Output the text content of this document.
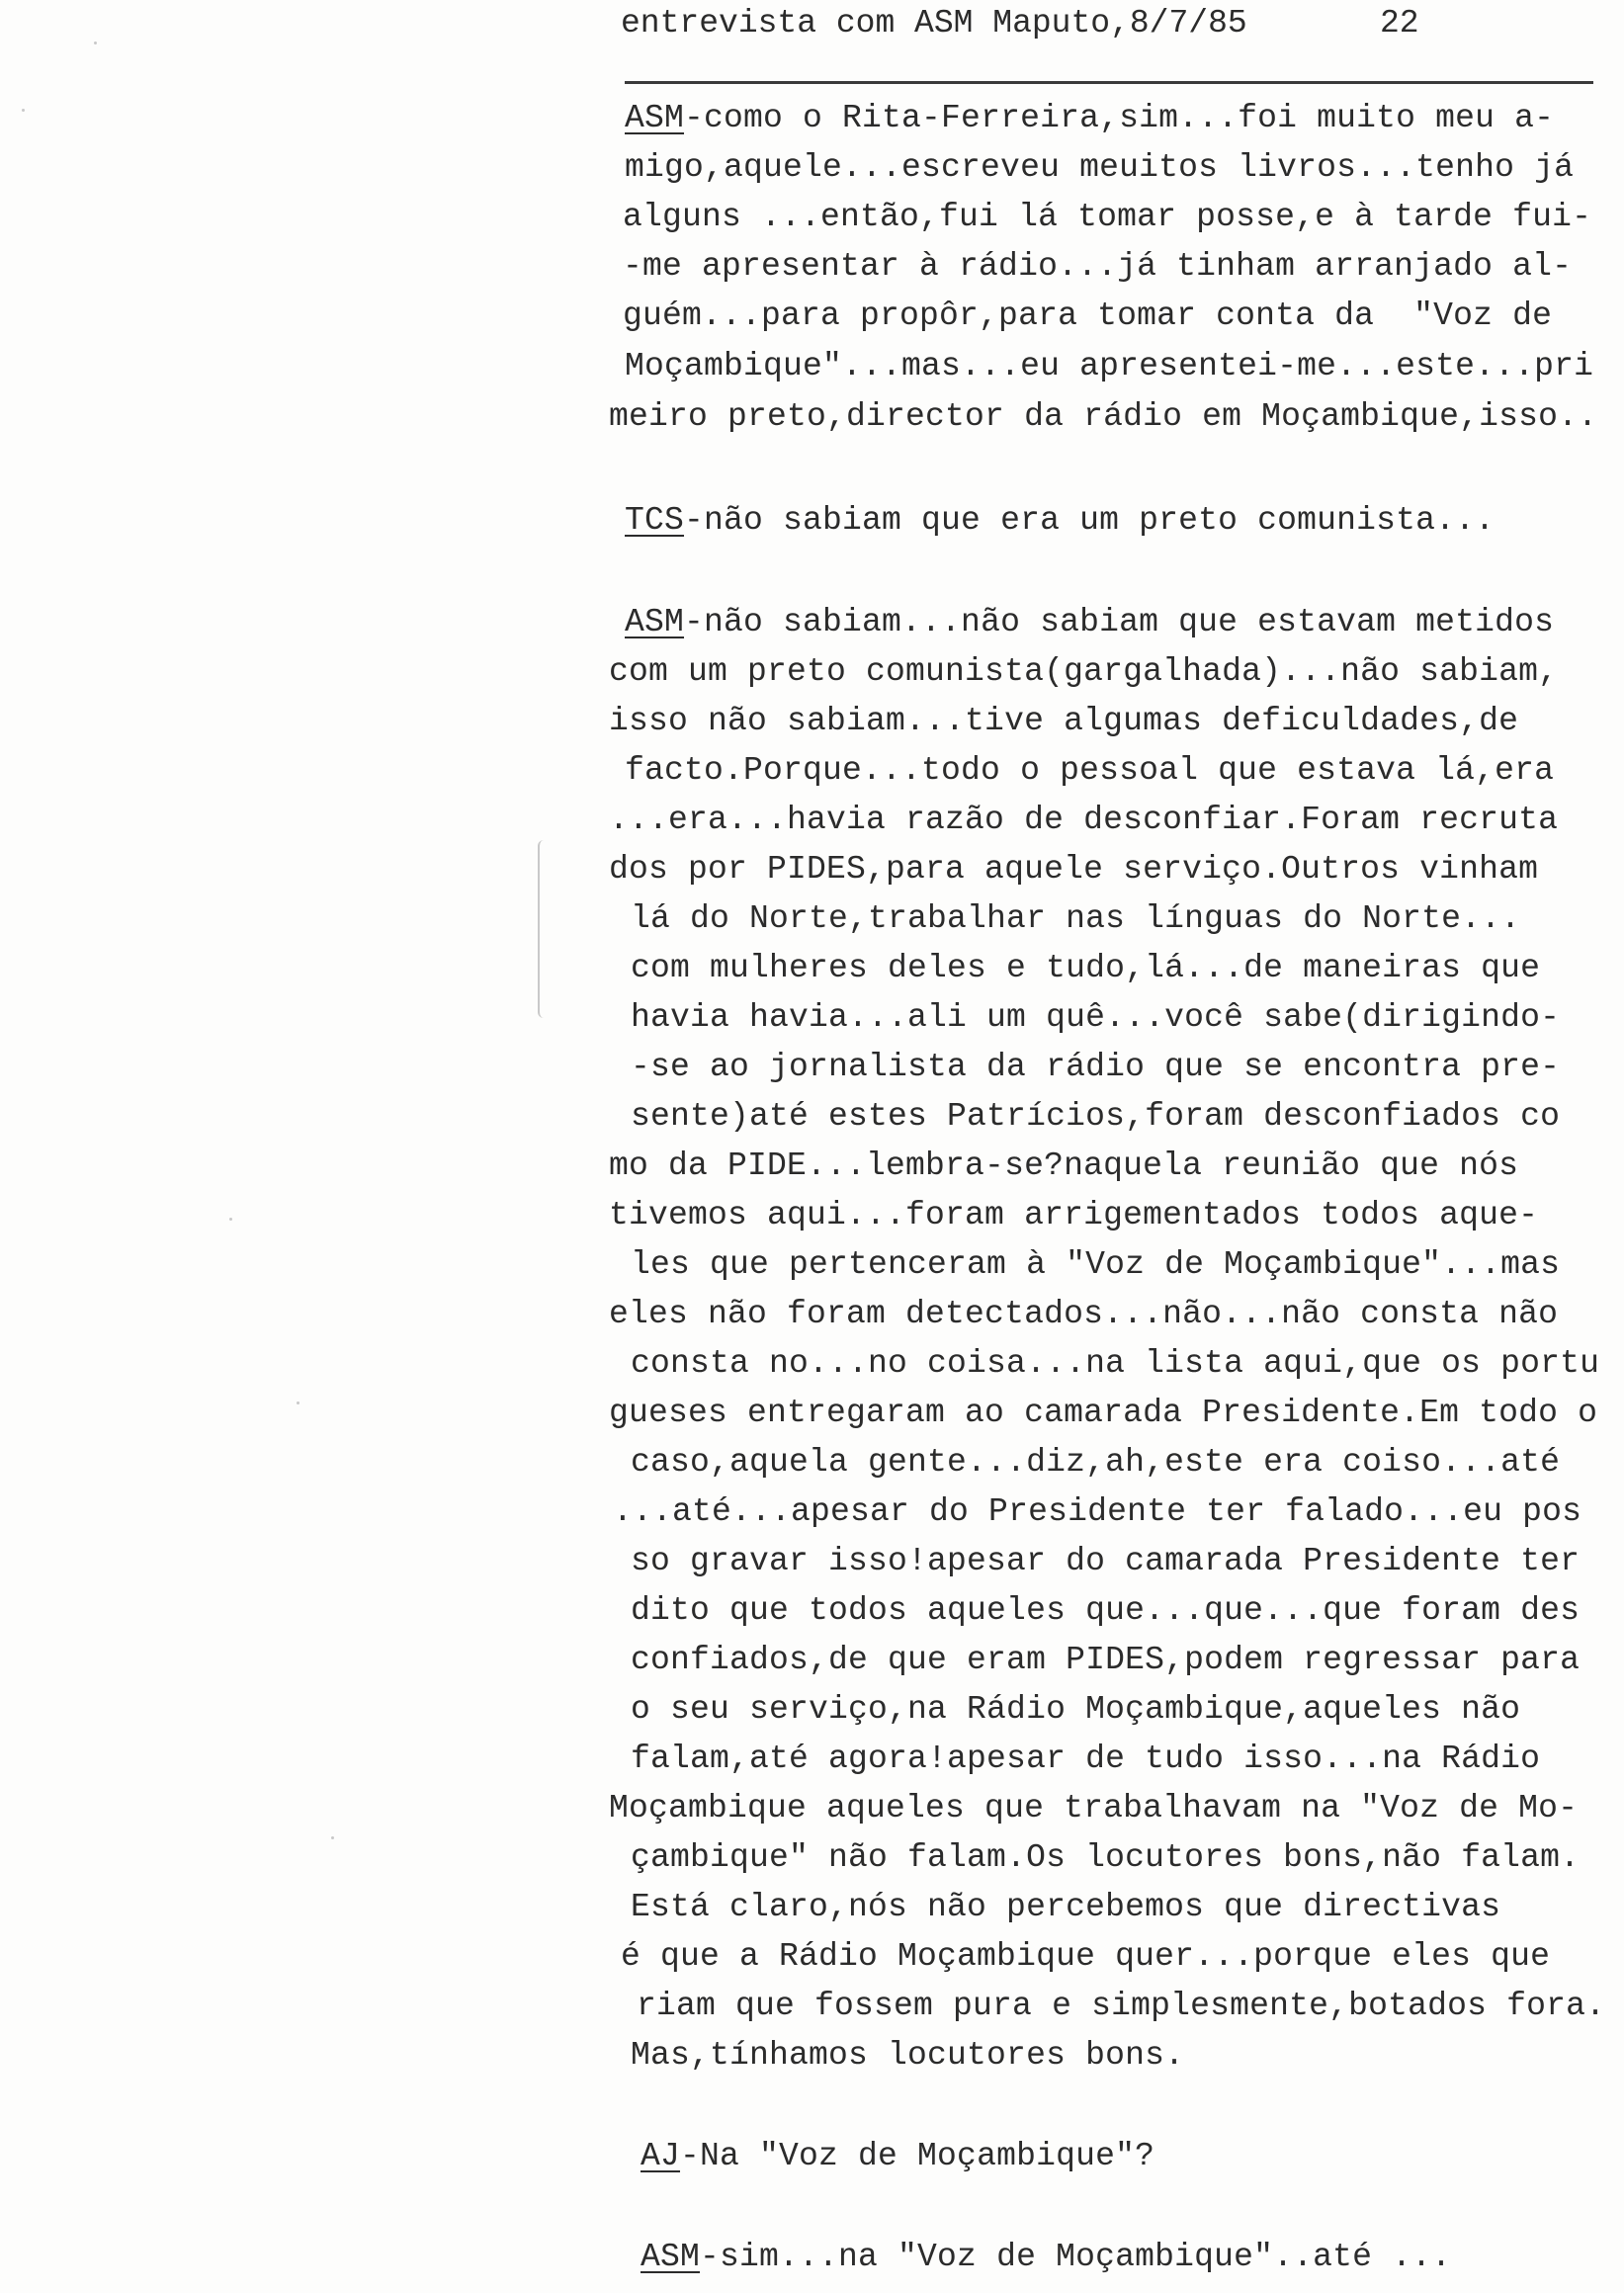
entrevista com ASM Maputo,8/7/85	22
ASM-como o Rita-Ferreira,sim...foi muito meu a-
migo,aquele...escreveu meuitos livros...tenho já
alguns ...então,fui lá tomar posse,e à tarde fui-
-me apresentar à rádio...já tinham arranjado al-
guém...para propôr,para tomar conta da  "Voz de
Moçambique"...mas...eu apresentei-me...este...pri
meiro preto,director da rádio em Moçambique,isso..
TCS-não sabiam que era um preto comunista...
ASM-não sabiam...não sabiam que estavam metidos
com um preto comunista(gargalhada)...não sabiam,
isso não sabiam...tive algumas deficuldades,de
facto.Porque...todo o pessoal que estava lá,era
...era...havia razão de desconfiar.Foram recruta
dos por PIDES,para aquele serviço.Outros vinham
lá do Norte,trabalhar nas línguas do Norte...
com mulheres deles e tudo,lá...de maneiras que
havia havia...ali um quê...você sabe(dirigindo-
-se ao jornalista da rádio que se encontra pre-
sente)até estes Patrícios,foram desconfiados co
mo da PIDE...lembra-se?naquela reunião que nós
tivemos aqui...foram arrigementados todos aque-
les que pertenceram à "Voz de Moçambique"...mas
eles não foram detectados...não...não consta não
consta no...no coisa...na lista aqui,que os portu
gueses entregaram ao camarada Presidente.Em todo o
caso,aquela gente...diz,ah,este era coiso...até
...até...apesar do Presidente ter falado...eu pos
so gravar isso!apesar do camarada Presidente ter
dito que todos aqueles que...que...que foram des
confiados,de que eram PIDES,podem regressar para
o seu serviço,na Rádio Moçambique,aqueles não
falam,até agora!apesar de tudo isso...na Rádio
Moçambique aqueles que trabalhavam na "Voz de Mo-
çambique" não falam.Os locutores bons,não falam.
Está claro,nós não percebemos que directivas
é que a Rádio Moçambique quer...porque eles que
riam que fossem pura e simplesmente,botados fora.
Mas,tínhamos locutores bons.
AJ-Na "Voz de Moçambique"?
ASM-sim...na "Voz de Moçambique"..até ...
